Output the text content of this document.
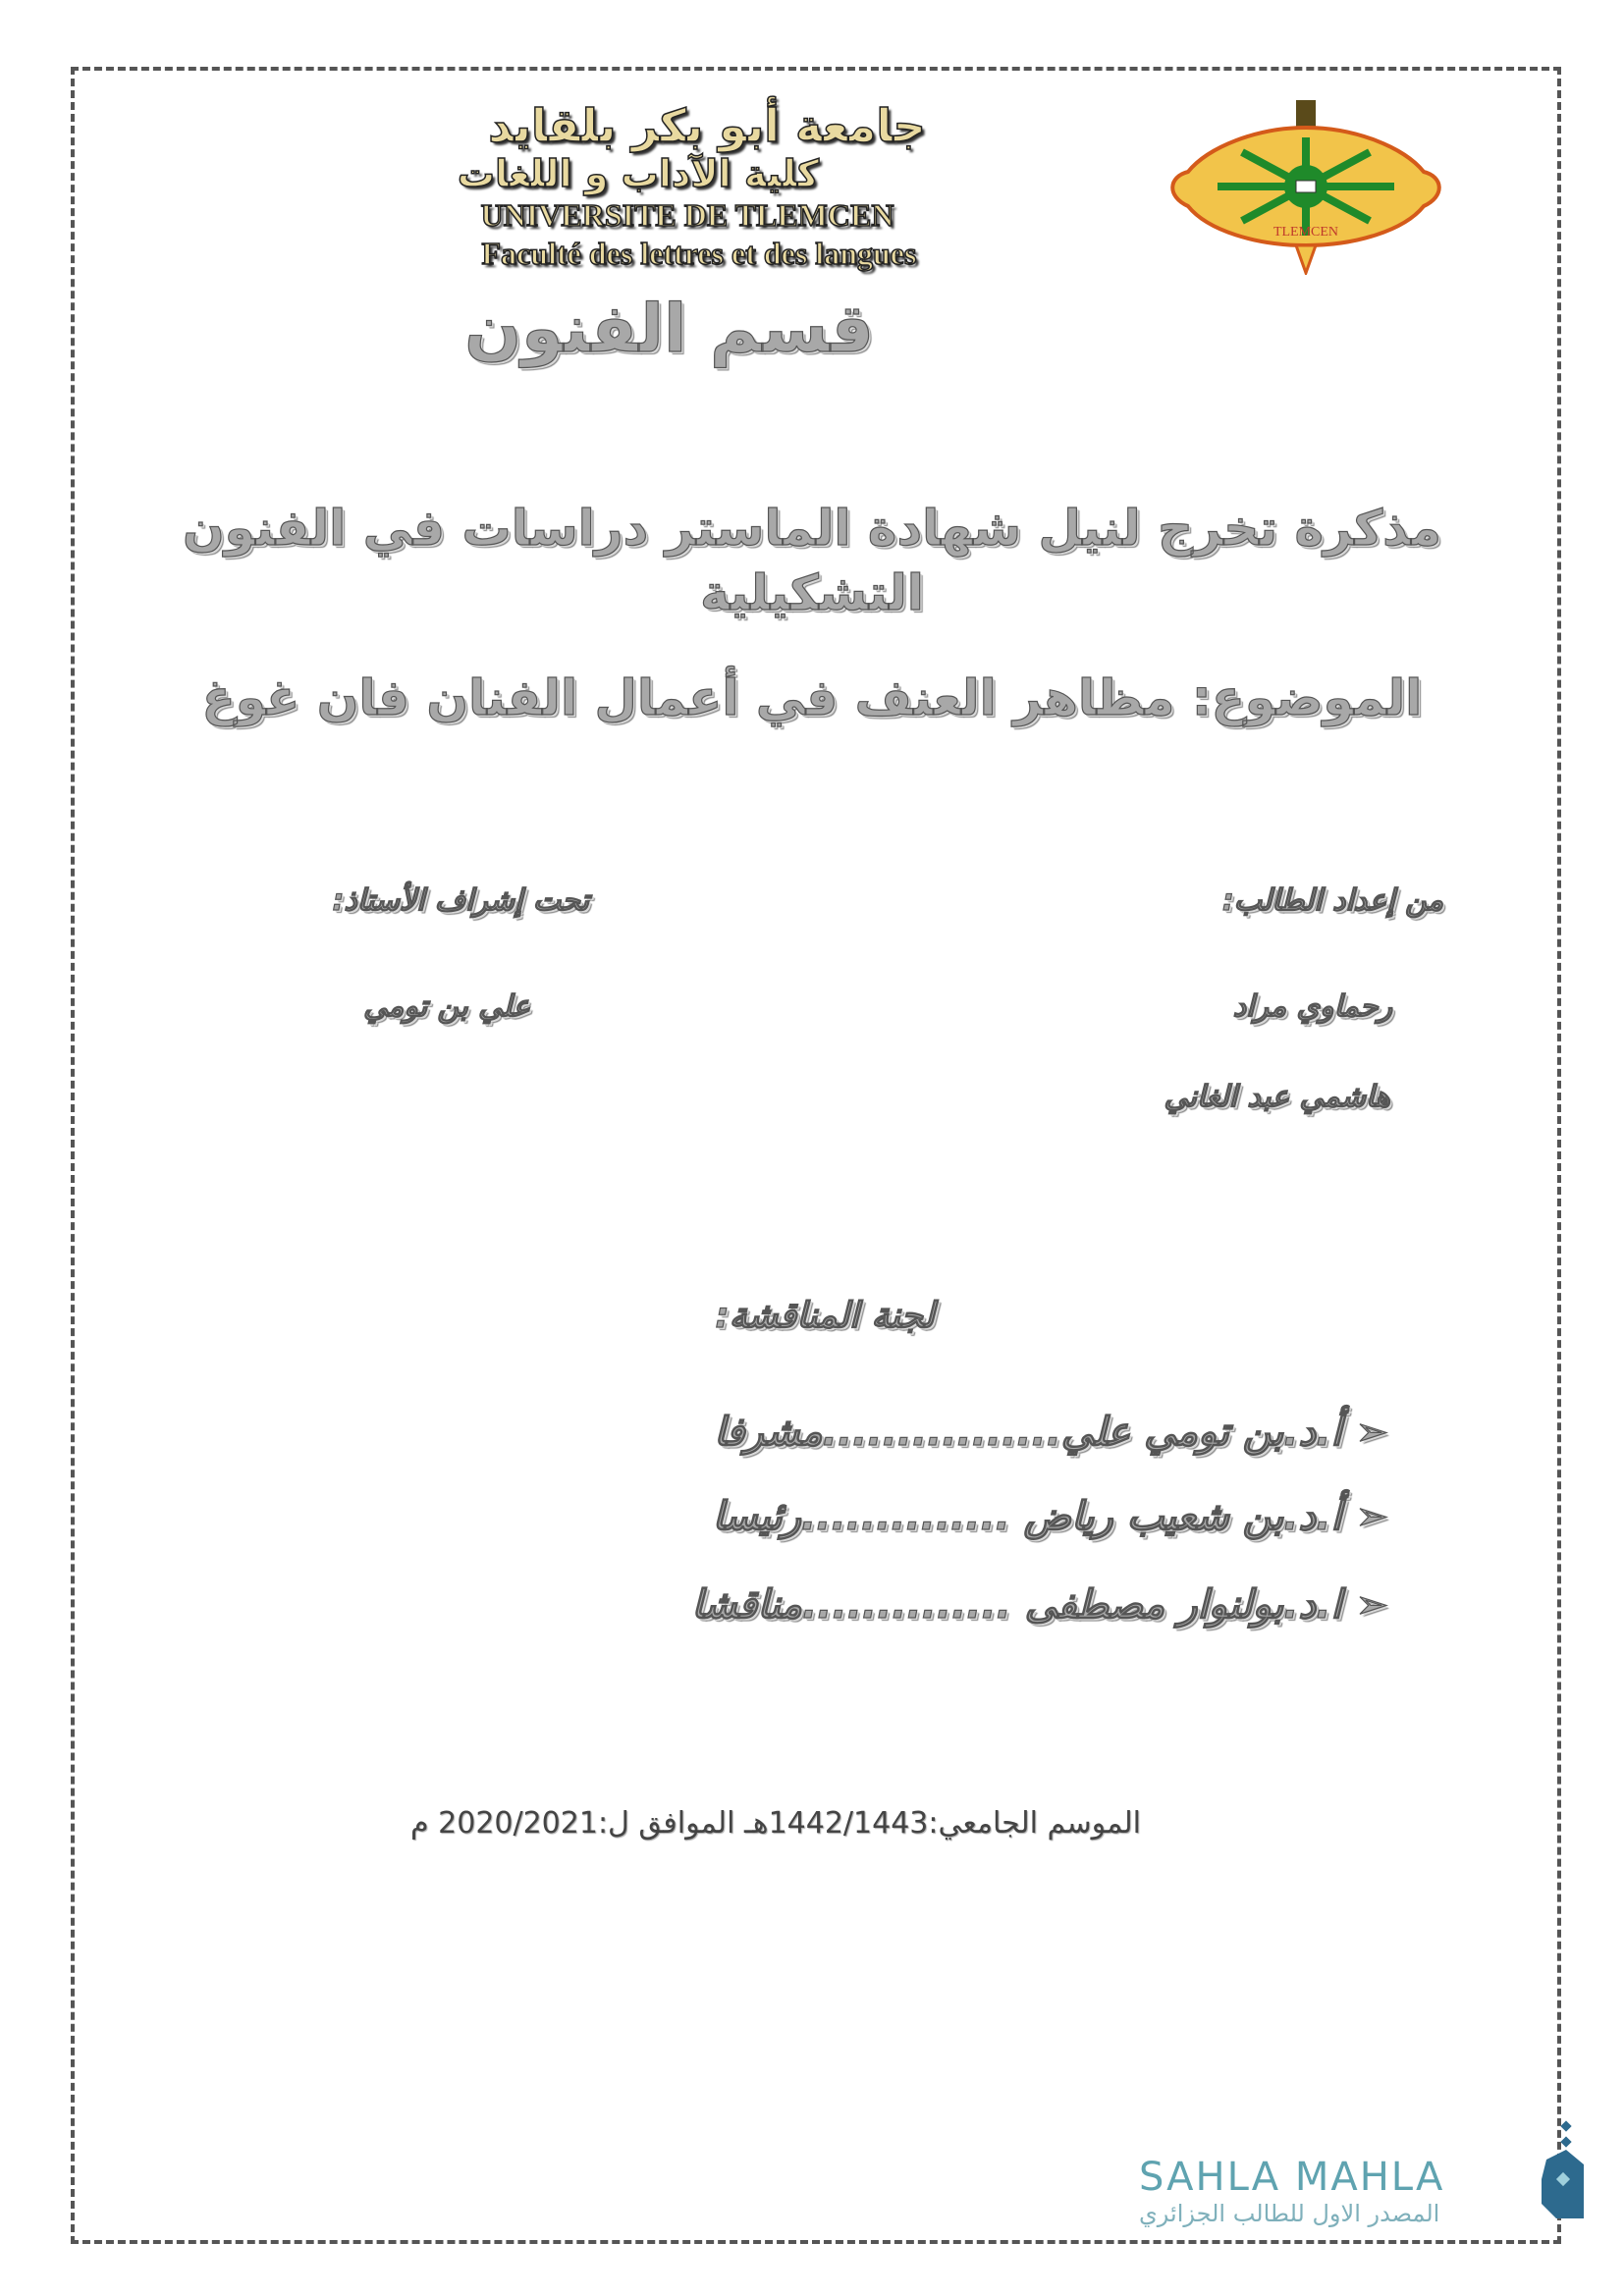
جامعة أبو بكر بلقايد
كلية الآداب و اللغات
UNIVERSITE DE TLEMCEN
Faculté des lettres et des langues
TLEMCEN
قسم الفنون
مذكرة تخرج لنيل شهادة الماستر دراسات في الفنون التشكيلية
الموضوع: مظاهر العنف في أعمال الفنان فان غوغ
من إعداد الطالب:
تحت إشراف الأستاذ:
رحماوي مراد
علي بن تومي
هاشمي عبد الغاني
لجنة المناقشة:
➢ أ.د.بن تومي علي................مشرفا
➢ أ.د.بن شعيب رياض ..............رئيسا
➢ ا.د.بولنوار مصطفى ..............مناقشا
الموسم الجامعي:1442/1443هـ الموافق ل:2020/2021 م
SAHLA MAHLA
المصدر الاول للطالب الجزائري
